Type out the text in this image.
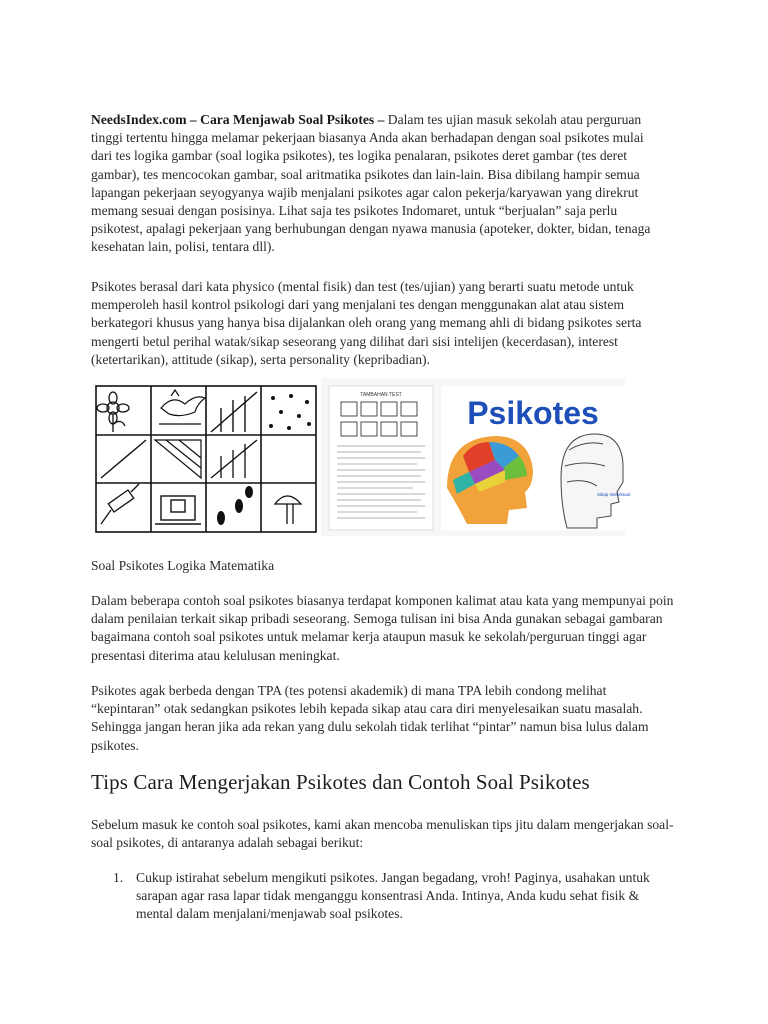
NeedsIndex.com – Cara Menjawab Soal Psikotes – Dalam tes ujian masuk sekolah atau perguruan tinggi tertentu hingga melamar pekerjaan biasanya Anda akan berhadapan dengan soal psikotes mulai dari tes logika gambar (soal logika psikotes), tes logika penalaran, psikotes deret gambar (tes deret gambar), tes mencocokan gambar, soal aritmatika psikotes dan lain-lain. Bisa dibilang hampir semua lapangan pekerjaan seyogyanya wajib menjalani psikotes agar calon pekerja/karyawan yang direkrut memang sesuai dengan posisinya. Lihat saja tes psikotes Indomaret, untuk “berjualan” saja perlu psikotest, apalagi pekerjaan yang berhubungan dengan nyawa manusia (apoteker, dokter, bidan, tenaga kesehatan lain, polisi, tentara dll).

Psikotes berasal dari kata physico (mental fisik) dan test (tes/ujian) yang berarti suatu metode untuk memperoleh hasil kontrol psikologi dari yang menjalani tes dengan menggunakan alat atau sistem berkategori khusus yang hanya bisa dijalankan oleh orang yang memang ahli di bidang psikotes serta mengerti betul perihal watak/sikap seseorang yang dilihat dari sisi intelijen (kecerdasan), interest (ketertarikan), attitude (sikap), serta personality (kepribadian).

TAMBAHAN TEST Psikotes
Sikap Intelektual

Soal Psikotes Logika Matematika

Dalam beberapa contoh soal psikotes biasanya terdapat komponen kalimat atau kata yang mempunyai poin dalam penilaian terkait sikap pribadi seseorang. Semoga tulisan ini bisa Anda gunakan sebagai gambaran bagaimana contoh soal psikotes untuk melamar kerja ataupun masuk ke sekolah/perguruan tinggi agar presentasi diterima atau kelulusan meningkat.

Psikotes agak berbeda dengan TPA (tes potensi akademik) di mana TPA lebih condong melihat “kepintaran” otak sedangkan psikotes lebih kepada sikap atau cara diri menyelesaikan suatu masalah. Sehingga jangan heran jika ada rekan yang dulu sekolah tidak terlihat “pintar” namun bisa lulus dalam psikotes.

Tips Cara Mengerjakan Psikotes dan Contoh Soal Psikotes

Sebelum masuk ke contoh soal psikotes, kami akan mencoba menuliskan tips jitu dalam mengerjakan soal-soal psikotes, di antaranya adalah sebagai berikut:

1. Cukup istirahat sebelum mengikuti psikotes. Jangan begadang, vroh! Paginya, usahakan untuk sarapan agar rasa lapar tidak menganggu konsentrasi Anda. Intinya, Anda kudu sehat fisik & mental dalam menjalani/menjawab soal psikotes.
